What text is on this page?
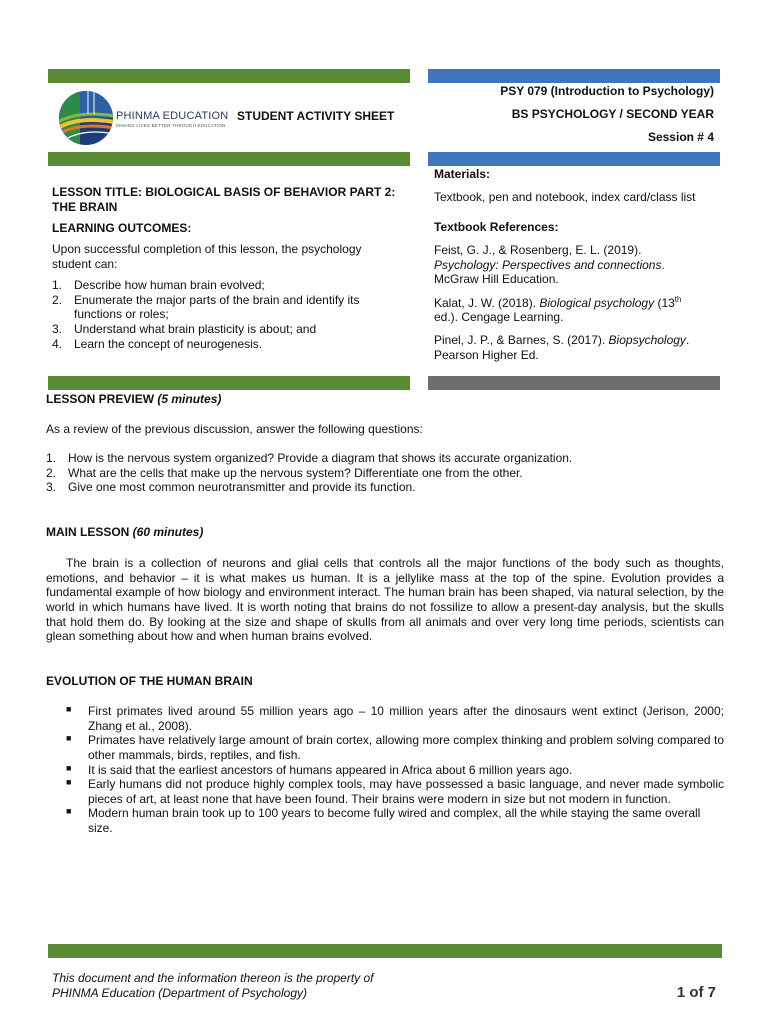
PHINMA EDUCATION
MAKING LIVES BETTER THROUGH EDUCATION
STUDENT ACTIVITY SHEET
PSY 079 (Introduction to Psychology)
BS PSYCHOLOGY / SECOND YEAR
Session # 4
LESSON TITLE: BIOLOGICAL BASIS OF BEHAVIOR PART 2: THE BRAIN
LEARNING OUTCOMES:
Upon successful completion of this lesson, the psychology student can:
1. Describe how human brain evolved;
2. Enumerate the major parts of the brain and identify its functions or roles;
3. Understand what brain plasticity is about; and
4. Learn the concept of neurogenesis.
Materials:
Textbook, pen and notebook, index card/class list
Textbook References:
Feist, G. J., & Rosenberg, E. L. (2019).
Psychology: Perspectives and connections.
McGraw Hill Education.
Kalat, J. W. (2018). Biological psychology (13th
ed.). Cengage Learning.
Pinel, J. P., & Barnes, S. (2017). Biopsychology.
Pearson Higher Ed.
LESSON PREVIEW (5 minutes)
As a review of the previous discussion, answer the following questions:
1. How is the nervous system organized? Provide a diagram that shows its accurate organization.
2. What are the cells that make up the nervous system? Differentiate one from the other.
3. Give one most common neurotransmitter and provide its function.
MAIN LESSON (60 minutes)
The brain is a collection of neurons and glial cells that controls all the major functions of the body such as thoughts, emotions, and behavior – it is what makes us human. It is a jellylike mass at the top of the spine. Evolution provides a fundamental example of how biology and environment interact. The human brain has been shaped, via natural selection, by the world in which humans have lived. It is worth noting that brains do not fossilize to allow a present-day analysis, but the skulls that hold them do. By looking at the size and shape of skulls from all animals and over very long time periods, scientists can glean something about how and when human brains evolved.
EVOLUTION OF THE HUMAN BRAIN
■ First primates lived around 55 million years ago – 10 million years after the dinosaurs went extinct (Jerison, 2000; Zhang et al., 2008).
■ Primates have relatively large amount of brain cortex, allowing more complex thinking and problem solving compared to other mammals, birds, reptiles, and fish.
■ It is said that the earliest ancestors of humans appeared in Africa about 6 million years ago.
■ Early humans did not produce highly complex tools, may have possessed a basic language, and never made symbolic pieces of art, at least none that have been found. Their brains were modern in size but not modern in function.
■ Modern human brain took up to 100 years to become fully wired and complex, all the while staying the same overall size.
This document and the information thereon is the property of
PHINMA Education (Department of Psychology)	1 of 7
